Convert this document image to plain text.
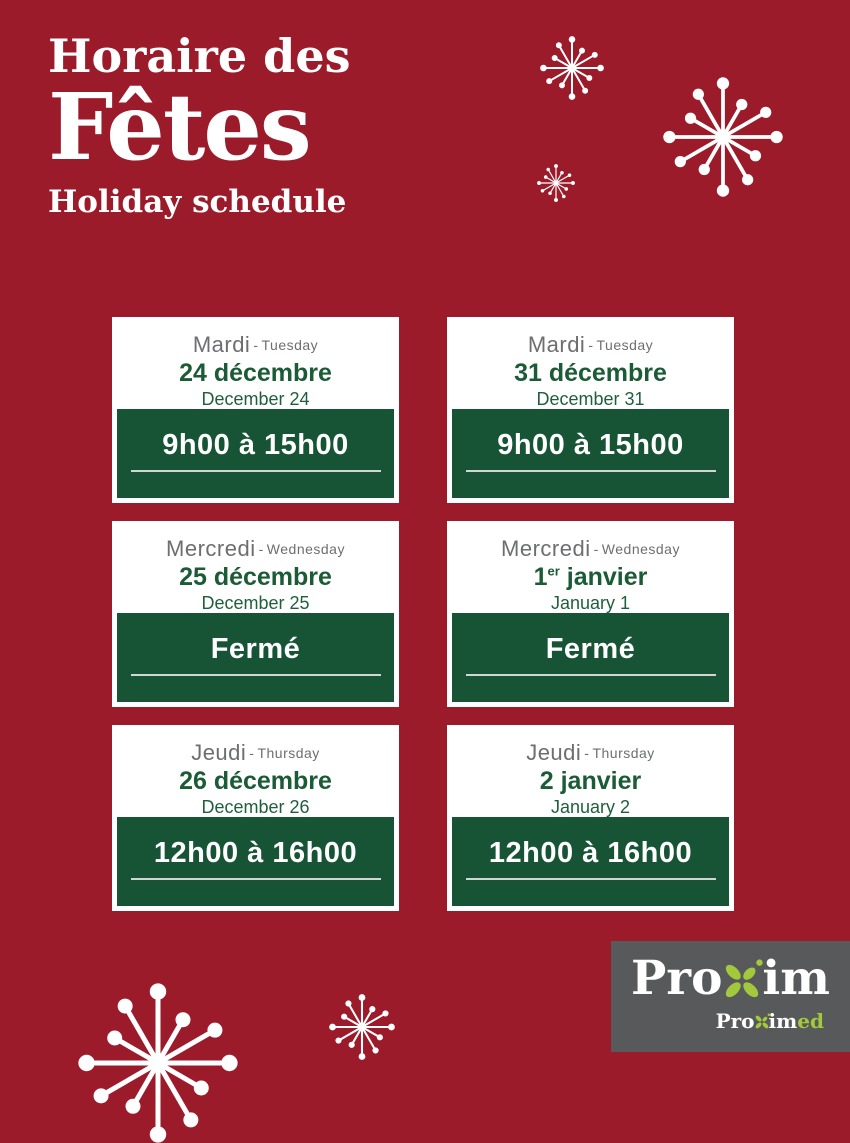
Horaire des
Fêtes
Holiday schedule
Mardi - Tuesday
24 décembre
December 24
9h00 à 15h00
Mardi - Tuesday
31 décembre
December 31
9h00 à 15h00
Mercredi - Wednesday
25 décembre
December 25
Fermé
Mercredi - Wednesday
1er janvier
January 1
Fermé
Jeudi - Thursday
26 décembre
December 26
12h00 à 16h00
Jeudi - Thursday
2 janvier
January 2
12h00 à 16h00
Pro im
Pro im ed
